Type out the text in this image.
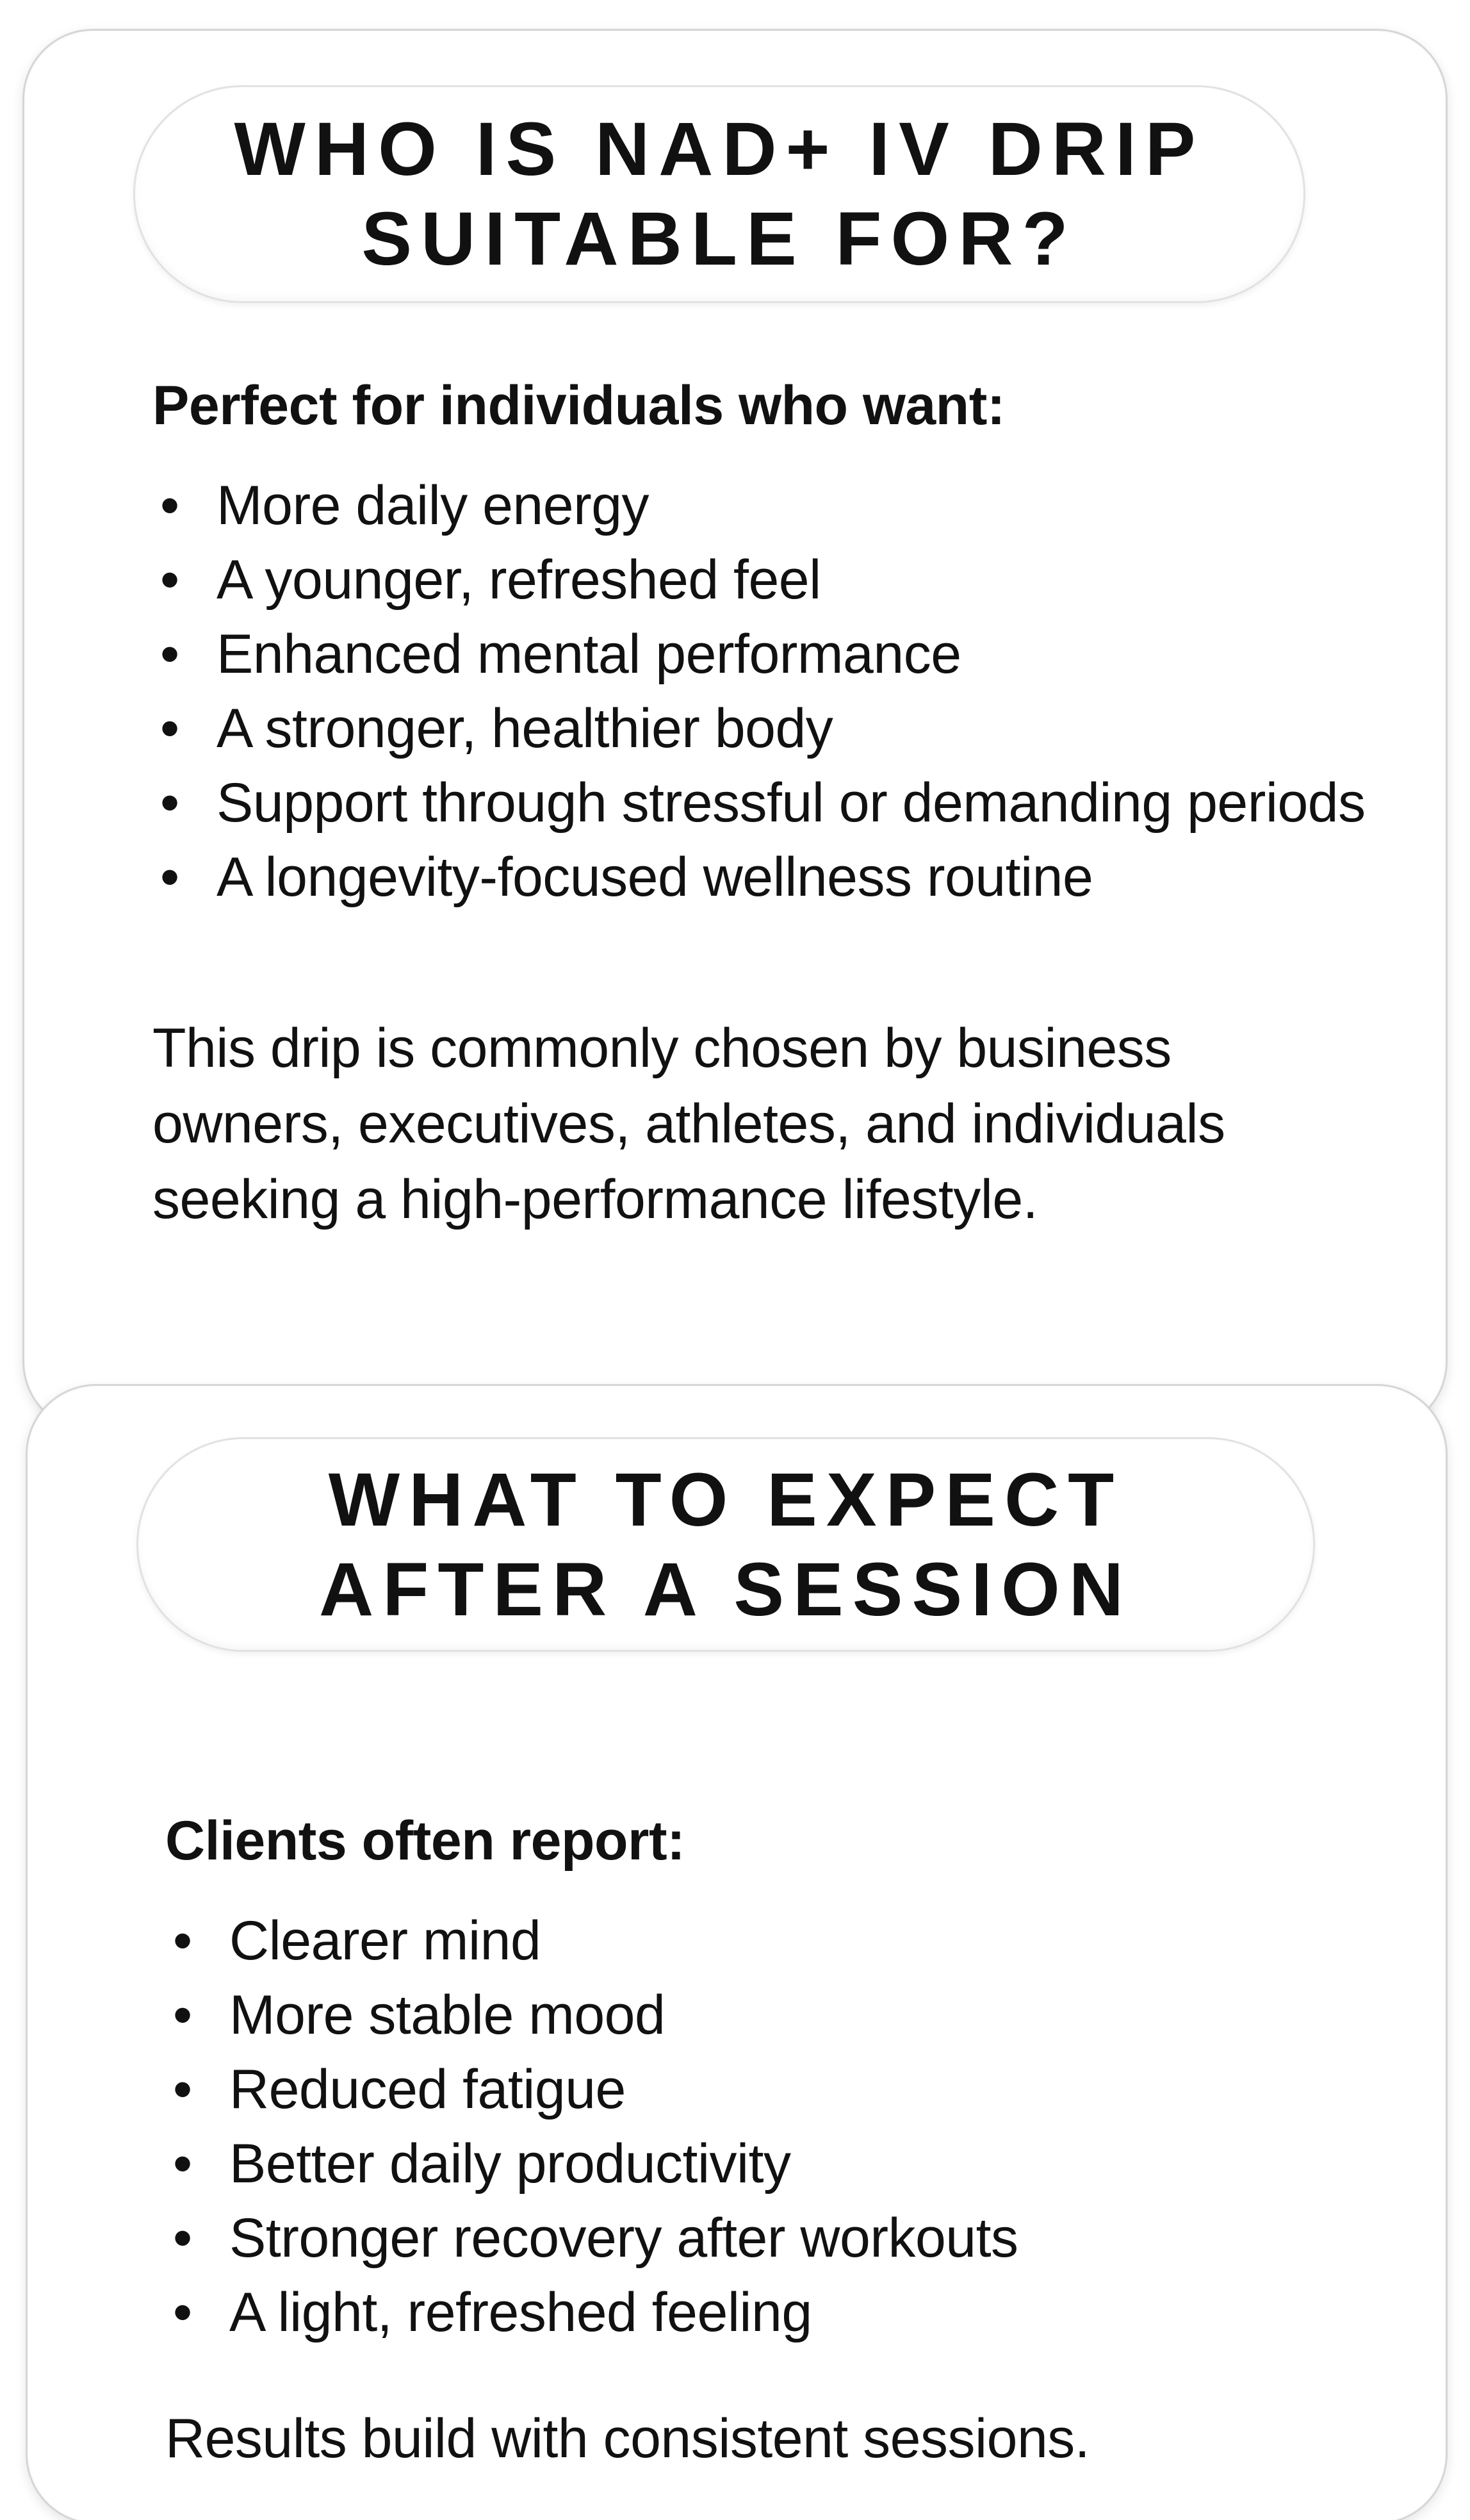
WHO IS NAD+ IV DRIP
SUITABLE FOR?

Perfect for individuals who want:

• More daily energy
• A younger, refreshed feel
• Enhanced mental performance
• A stronger, healthier body
• Support through stressful or demanding periods
• A longevity-focused wellness routine

This drip is commonly chosen by business owners, executives, athletes, and individuals seeking a high-performance lifestyle.

WHAT TO EXPECT
AFTER A SESSION

Clients often report:

• Clearer mind
• More stable mood
• Reduced fatigue
• Better daily productivity
• Stronger recovery after workouts
• A light, refreshed feeling

Results build with consistent sessions.
